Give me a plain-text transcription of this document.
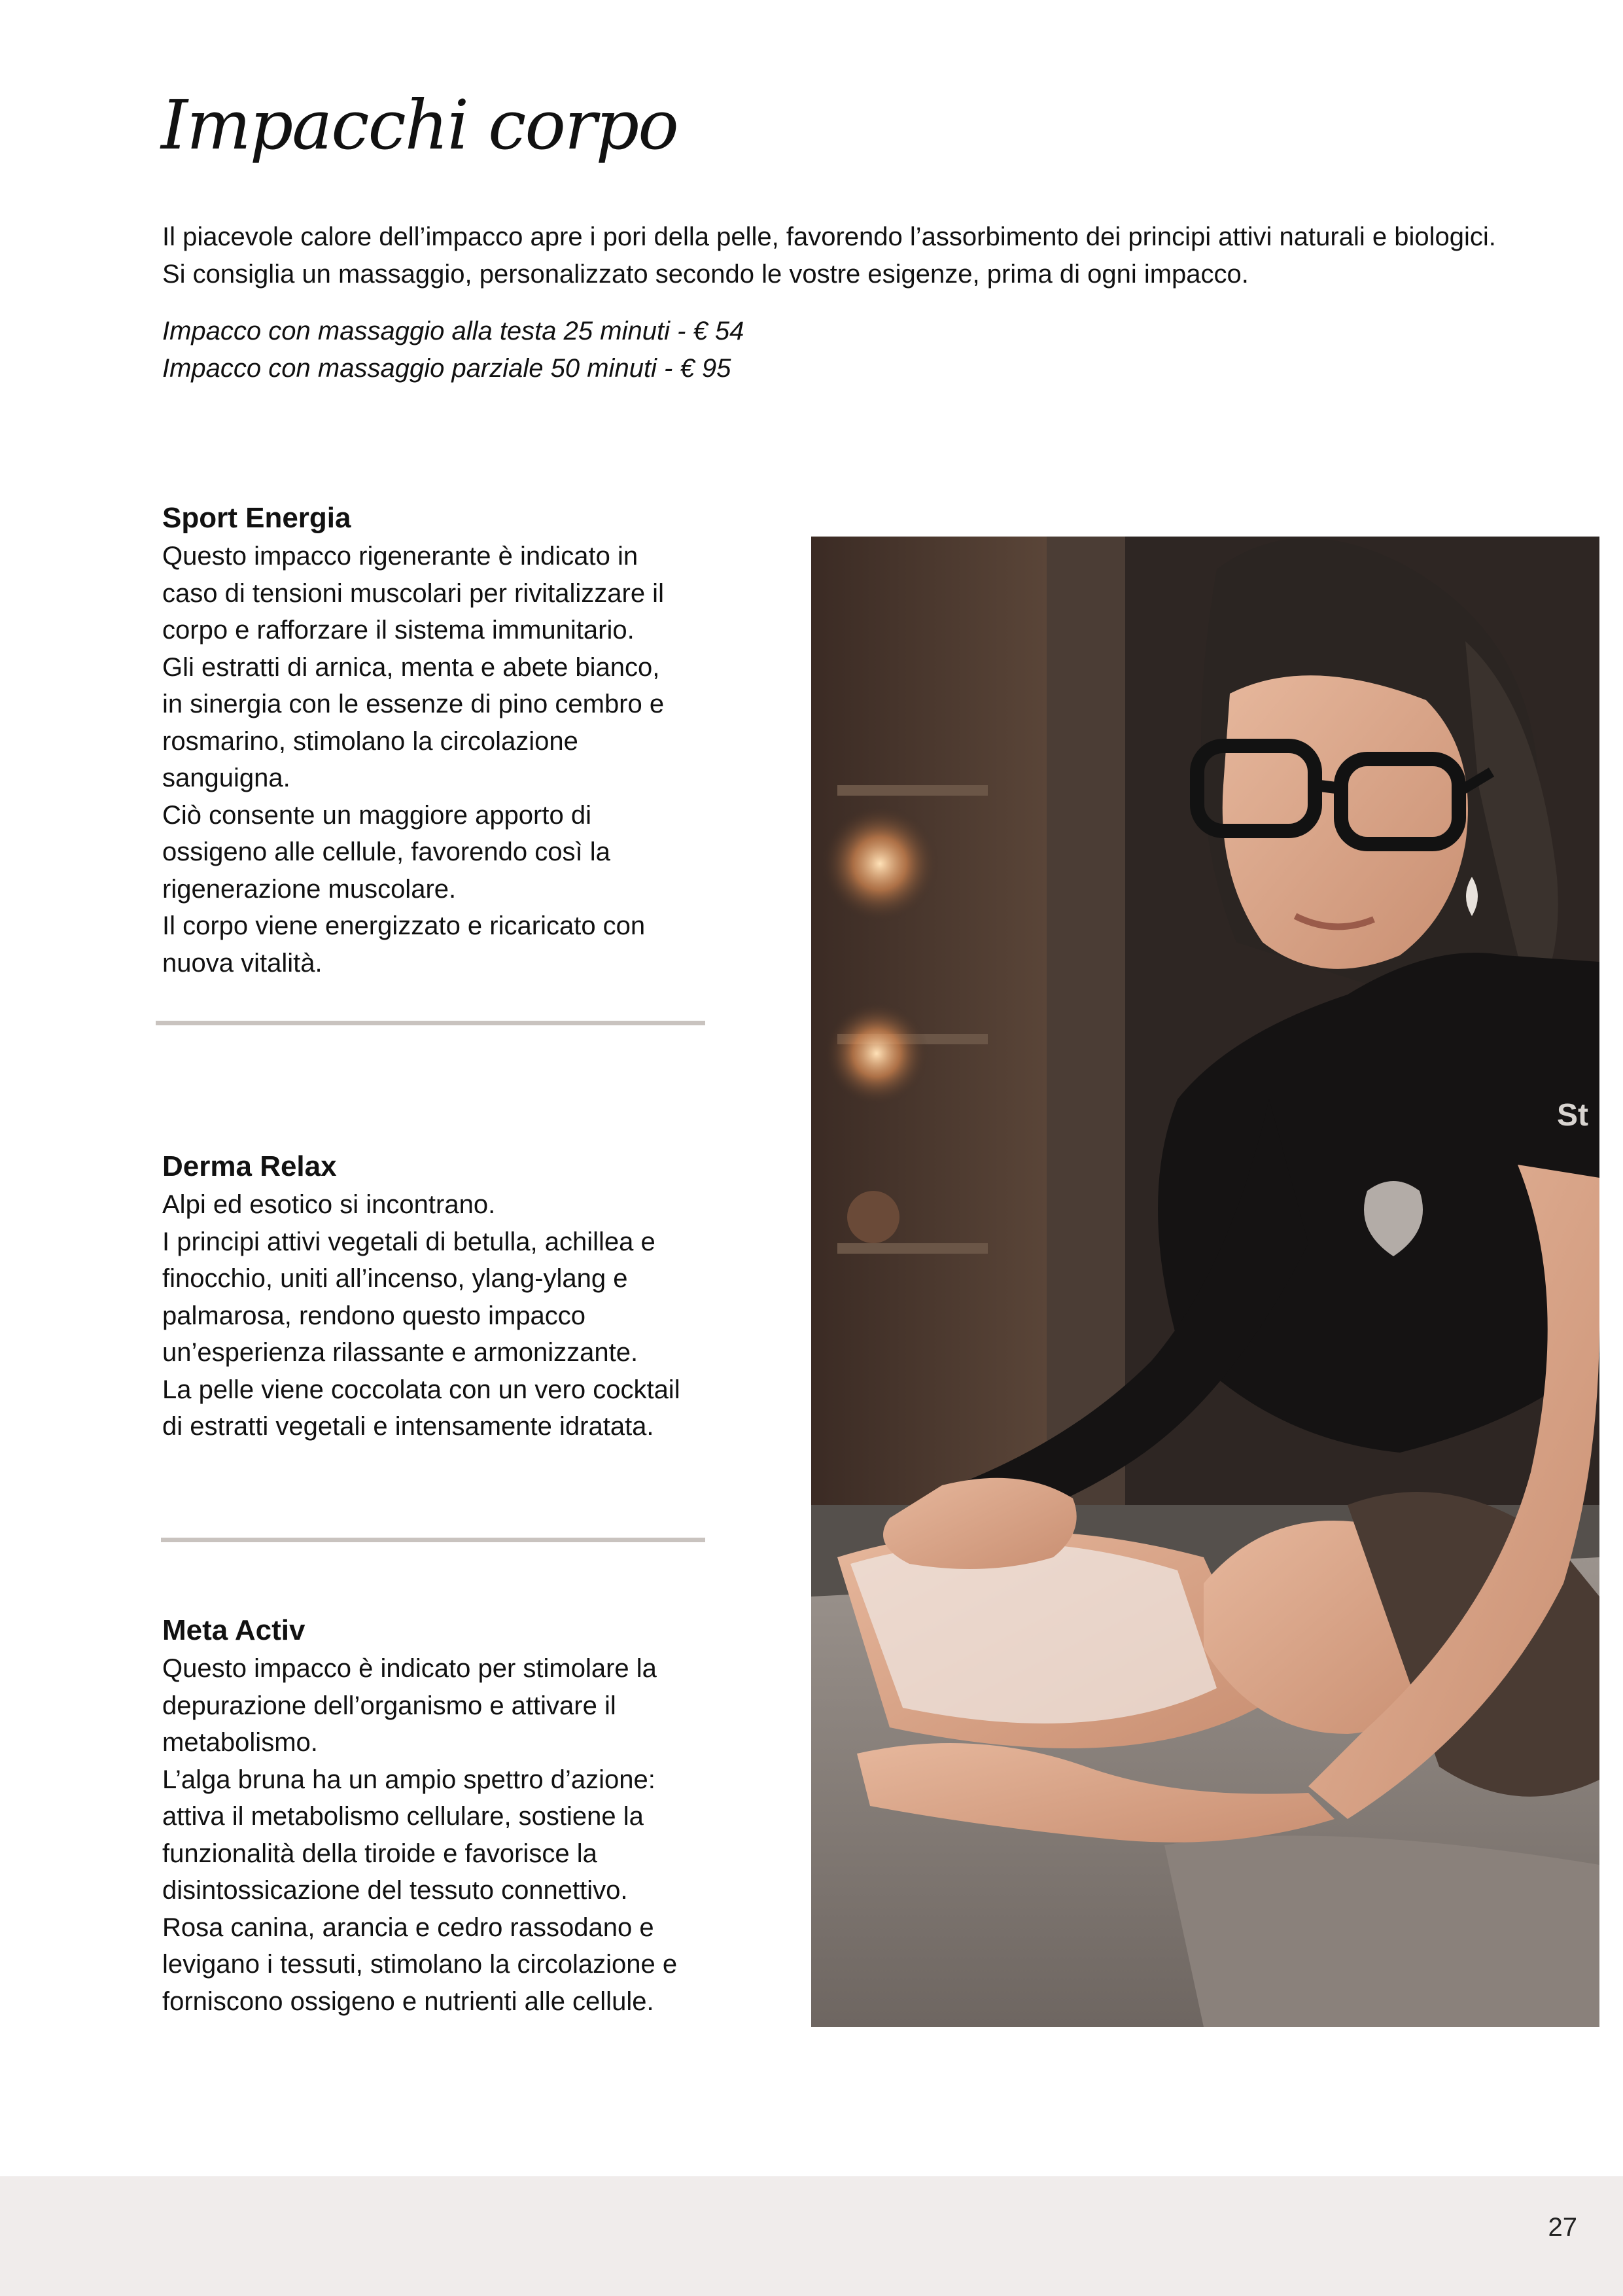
Impacchi corpo

Il piacevole calore dell’impacco apre i pori della pelle, favorendo l’assorbimento dei principi attivi naturali e biologici.

Si consiglia un massaggio, personalizzato secondo le vostre esigenze, prima di ogni impacco.

Impacco con massaggio alla testa 25 minuti - € 54

Impacco con massaggio parziale 50 minuti - € 95

Sport Energia

Questo impacco rigenerante è indicato in

caso di tensioni muscolari per rivitalizzare il

corpo e rafforzare il sistema immunitario.

Gli estratti di arnica, menta e abete bianco,

in sinergia con le essenze di pino cembro e

rosmarino, stimolano la circolazione

sanguigna.

Ciò consente un maggiore apporto di

ossigeno alle cellule, favorendo così la

rigenerazione muscolare.

Il corpo viene energizzato e ricaricato con

nuova vitalità.

Derma Relax

Alpi ed esotico si incontrano.

I principi attivi vegetali di betulla, achillea e

finocchio, uniti all’incenso, ylang-ylang e

palmarosa, rendono questo impacco

un’esperienza rilassante e armonizzante.

La pelle viene coccolata con un vero cocktail

di estratti vegetali e intensamente idratata.

Meta Activ

Questo impacco è indicato per stimolare la

depurazione dell’organismo e attivare il

metabolismo.

L’alga bruna ha un ampio spettro d’azione:

attiva il metabolismo cellulare, sostiene la

funzionalità della tiroide e favorisce la

disintossicazione del tessuto connettivo.

Rosa canina, arancia e cedro rassodano e

levigano i tessuti, stimolano la circolazione e

forniscono ossigeno e nutrienti alle cellule.

St
27
